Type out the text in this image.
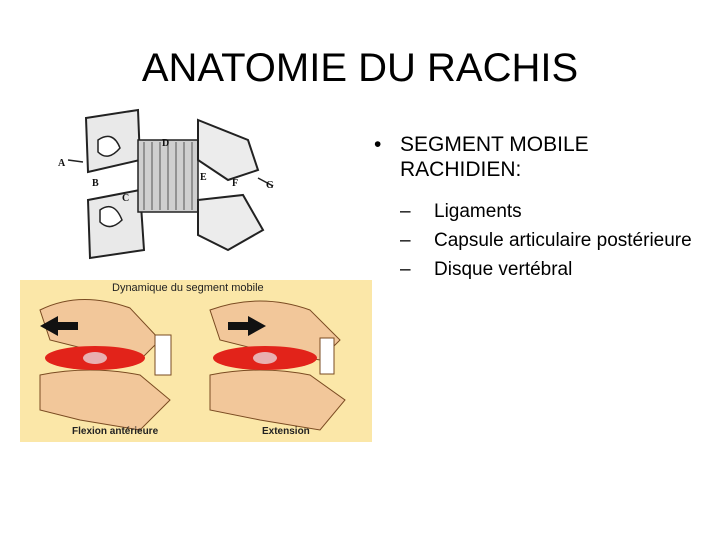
ANATOMIE DU RACHIS
• SEGMENT MOBILE RACHIDIEN:
– Ligaments
– Capsule articulaire postérieure
– Disque vertébral
A
B
C
D
E
F	G
Dynamique du segment mobile
Flexion antérieure	Extension
